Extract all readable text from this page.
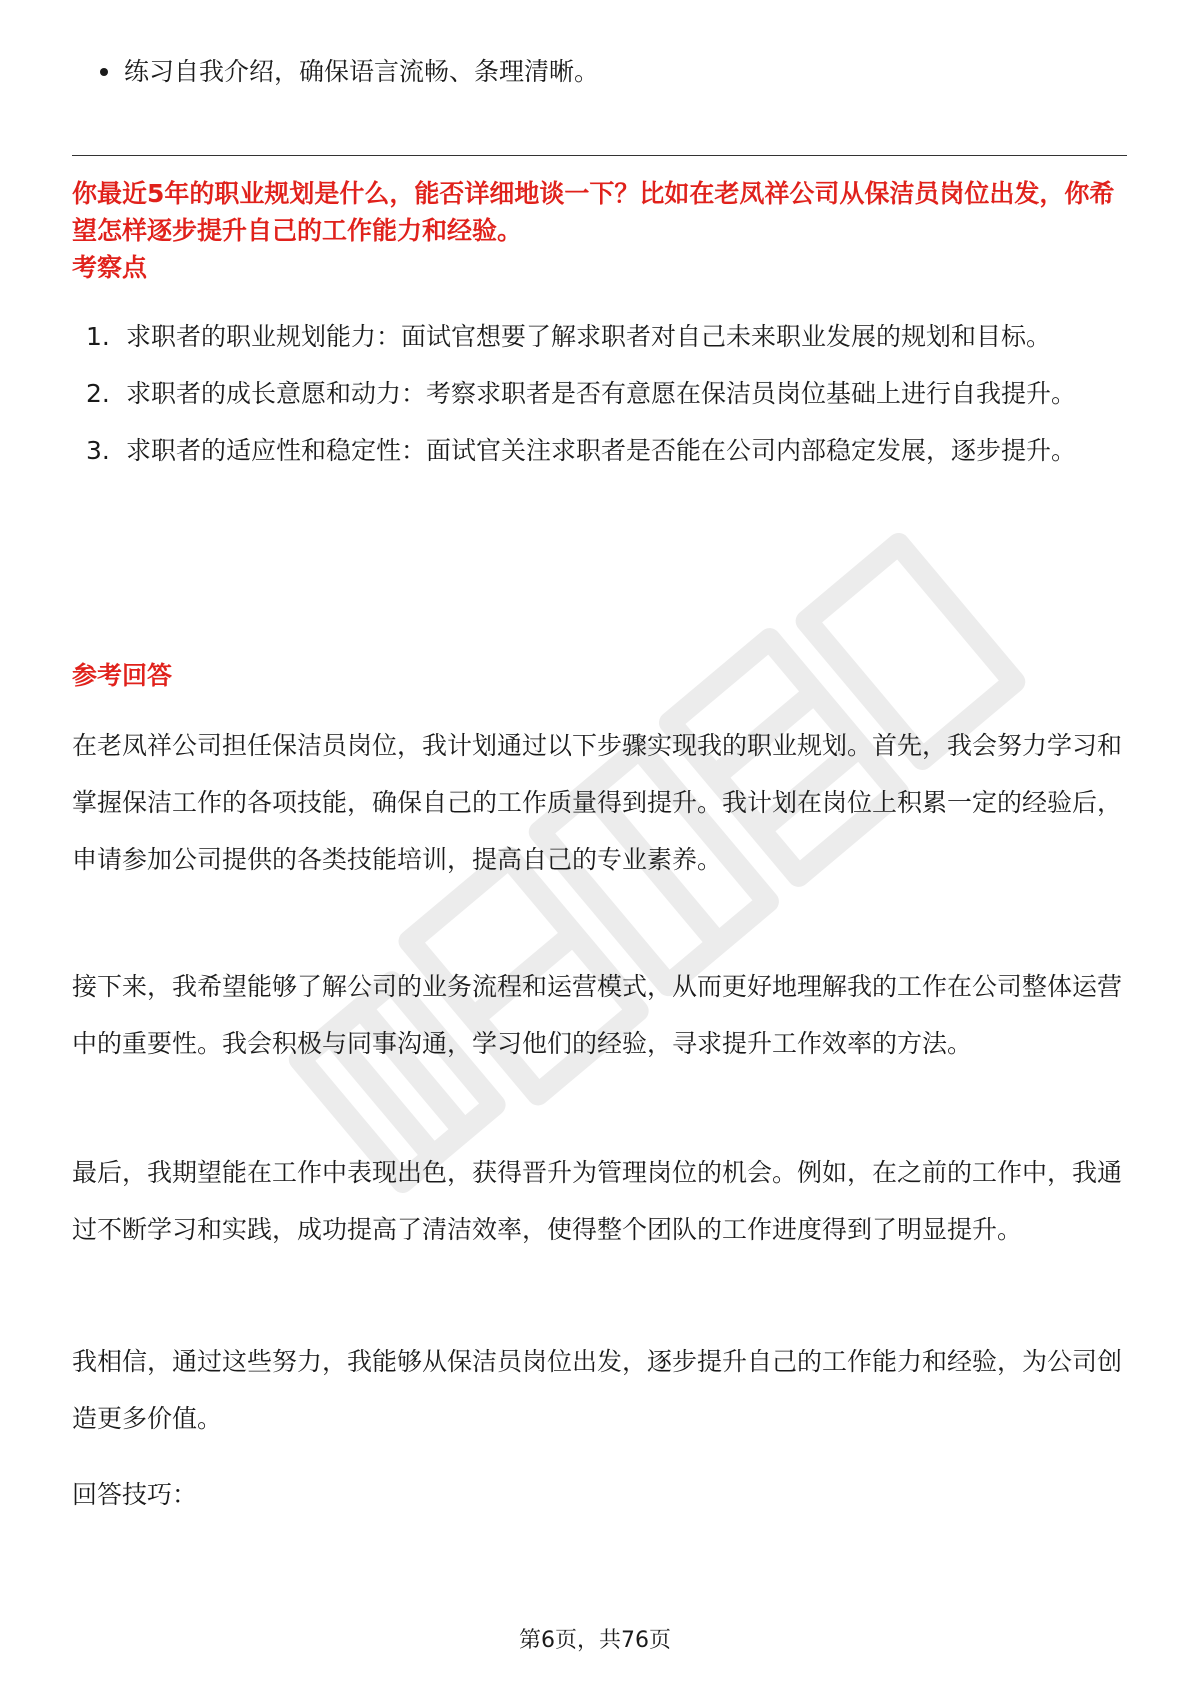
练习自我介绍，确保语言流畅、条理清晰。
你最近5年的职业规划是什么，能否详细地谈一下？比如在老凤祥公司从保洁员岗位出发，你希望怎样逐步提升自己的工作能力和经验。
考察点
1. 求职者的职业规划能力：面试官想要了解求职者对自己未来职业发展的规划和目标。
2. 求职者的成长意愿和动力：考察求职者是否有意愿在保洁员岗位基础上进行自我提升。
3. 求职者的适应性和稳定性：面试官关注求职者是否能在公司内部稳定发展，逐步提升。
参考回答
在老凤祥公司担任保洁员岗位，我计划通过以下步骤实现我的职业规划。首先，我会努力学习和掌握保洁工作的各项技能，确保自己的工作质量得到提升。我计划在岗位上积累一定的经验后，申请参加公司提供的各类技能培训，提高自己的专业素养。
接下来，我希望能够了解公司的业务流程和运营模式，从而更好地理解我的工作在公司整体运营中的重要性。我会积极与同事沟通，学习他们的经验，寻求提升工作效率的方法。
最后，我期望能在工作中表现出色，获得晋升为管理岗位的机会。例如，在之前的工作中，我通过不断学习和实践，成功提高了清洁效率，使得整个团队的工作进度得到了明显提升。
我相信，通过这些努力，我能够从保洁员岗位出发，逐步提升自己的工作能力和经验，为公司创造更多价值。
回答技巧：
第6页，共76页
